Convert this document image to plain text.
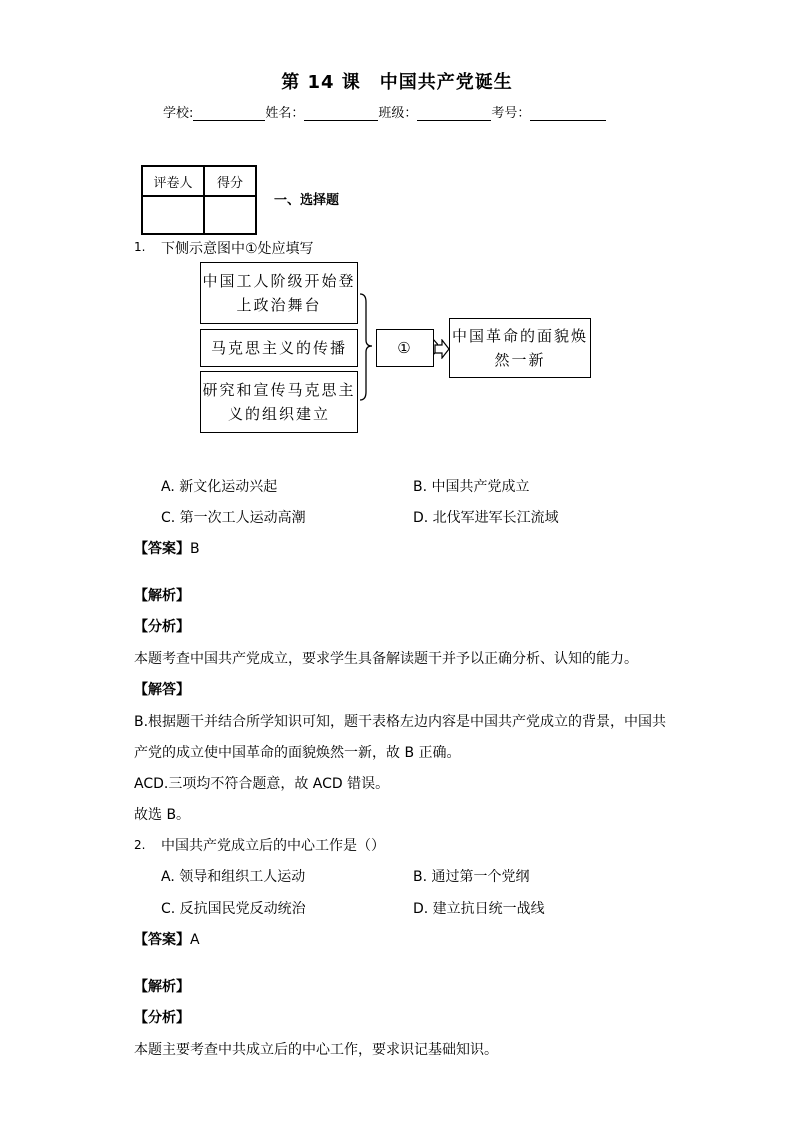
第 14 课　中国共产党诞生
学校:	姓名：	班级：	考号：
评卷人	得分

一、选择题
1. 下侧示意图中①处应填写
中国工人阶级开始登上政治舞台
马克思主义的传播
研究和宣传马克思主义的组织建立
①
中国革命的面貌焕然一新
A. 新文化运动兴起	B. 中国共产党成立
C. 第一次工人运动高潮	D. 北伐军进军长江流域
【答案】B
【解析】
【分析】
本题考查中国共产党成立，要求学生具备解读题干并予以正确分析、认知的能力。
【解答】
B.根据题干并结合所学知识可知，题干表格左边内容是中国共产党成立的背景，中国共
产党的成立使中国革命的面貌焕然一新，故 B 正确。
ACD.三项均不符合题意，故 ACD 错误。
故选 B。
2. 中国共产党成立后的中心工作是（）
A. 领导和组织工人运动	B. 通过第一个党纲
C. 反抗国民党反动统治	D. 建立抗日统一战线
【答案】A
【解析】
【分析】
本题主要考查中共成立后的中心工作，要求识记基础知识。
